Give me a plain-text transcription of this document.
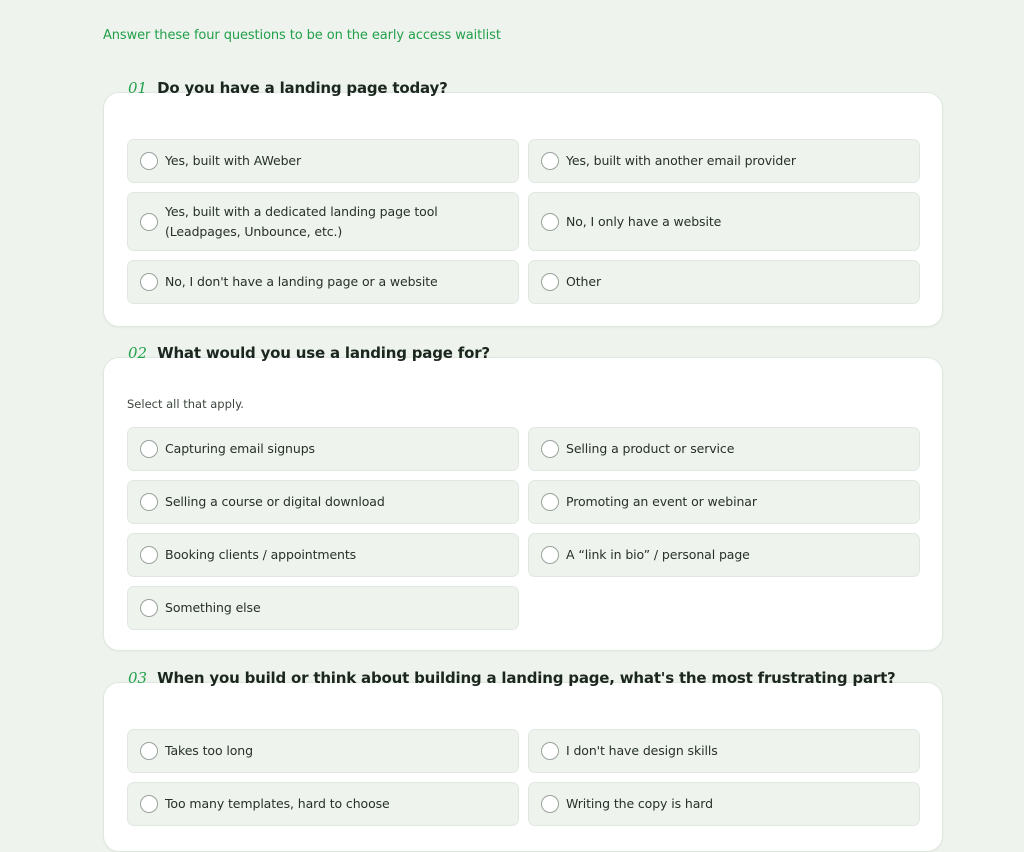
Answer these four questions to be on the early access waitlist
01 Do you have a landing page today?
Yes, built with AWeber	Yes, built with another email provider
Yes, built with a dedicated landing page tool (Leadpages, Unbounce, etc.)
No, I only have a website
No, I don't have a landing page or a website	Other
02 What would you use a landing page for?
Select all that apply.
Capturing email signups	Selling a product or service
Selling a course or digital download	Promoting an event or webinar
Booking clients / appointments	A “link in bio” / personal page
Something else
03 When you build or think about building a landing page, what's the most frustrating part?
Takes too long	I don't have design skills
Too many templates, hard to choose	Writing the copy is hard
